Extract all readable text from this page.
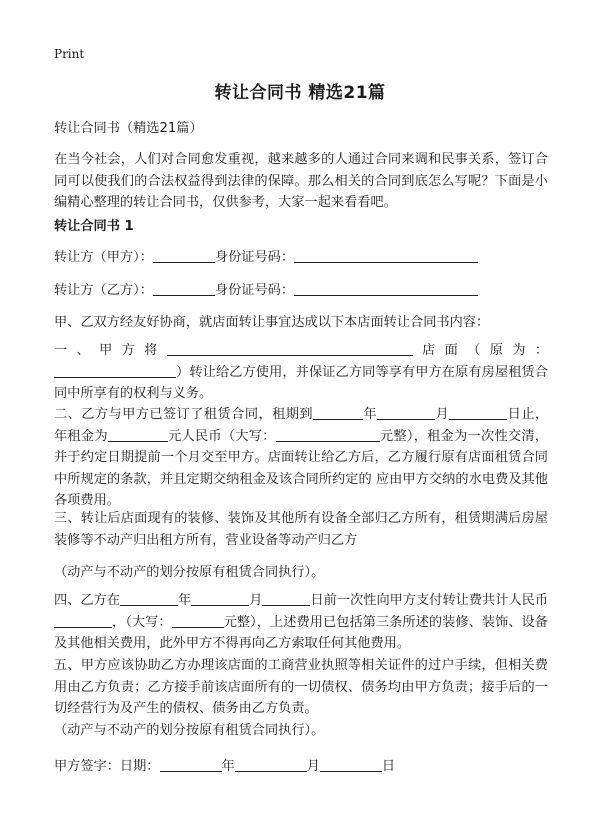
Print
转让合同书 精选21篇
转让合同书（精选21篇）

在当今社会，人们对合同愈发重视，越来越多的人通过合同来调和民事关系，签订合同可以使我们的合法权益得到法律的保障。那么相关的合同到底怎么写呢？下面是小编精心整理的转让合同书，仅供参考，大家一起来看看吧。

转让合同书 1
转让方（甲方）：	身份证号码：
转让方（乙方）：	身份证号码：
甲、乙双方经友好协商，就店面转让事宜达成以下本店面转让合同书内容：

一、甲方将	店面（原为：）转让给乙方使用，并保证乙方同等享有甲方在原有房屋租赁合同中所享有的权利与义务。

二、乙方与甲方已签订了租赁合同，租期到	年	月	日止，年租金为	元人民币（大写：	元整），租金为一次性交清，并于约定日期提前一个月交至甲方。店面转让给乙方后，乙方履行原有店面租赁合同中所规定的条款，并且定期交纳租金及该合同所约定的 应由甲方交纳的水电费及其他各项费用。

三、转让后店面现有的装修、装饰及其他所有设备全部归乙方所有，租赁期满后房屋装修等不动产归出租方所有，营业设备等动产归乙方

（动产与不动产的划分按原有租赁合同执行）。

四、乙方在	年	月	日前一次性向甲方支付转让费共计人民币，（大写：	元整），上述费用已包括第三条所述的装修、装饰、设备及其他相关费用，此外甲方不得再向乙方索取任何其他费用。

五、甲方应该协助乙方办理该店面的工商营业执照等相关证件的过户手续，但相关费用由乙方负责；乙方接手前该店面所有的一切债权、债务均由甲方负责；接手后的一切经营行为及产生的债权、债务由乙方负责。

（动产与不动产的划分按原有租赁合同执行）。
甲方签字：日期：	年	月	日
